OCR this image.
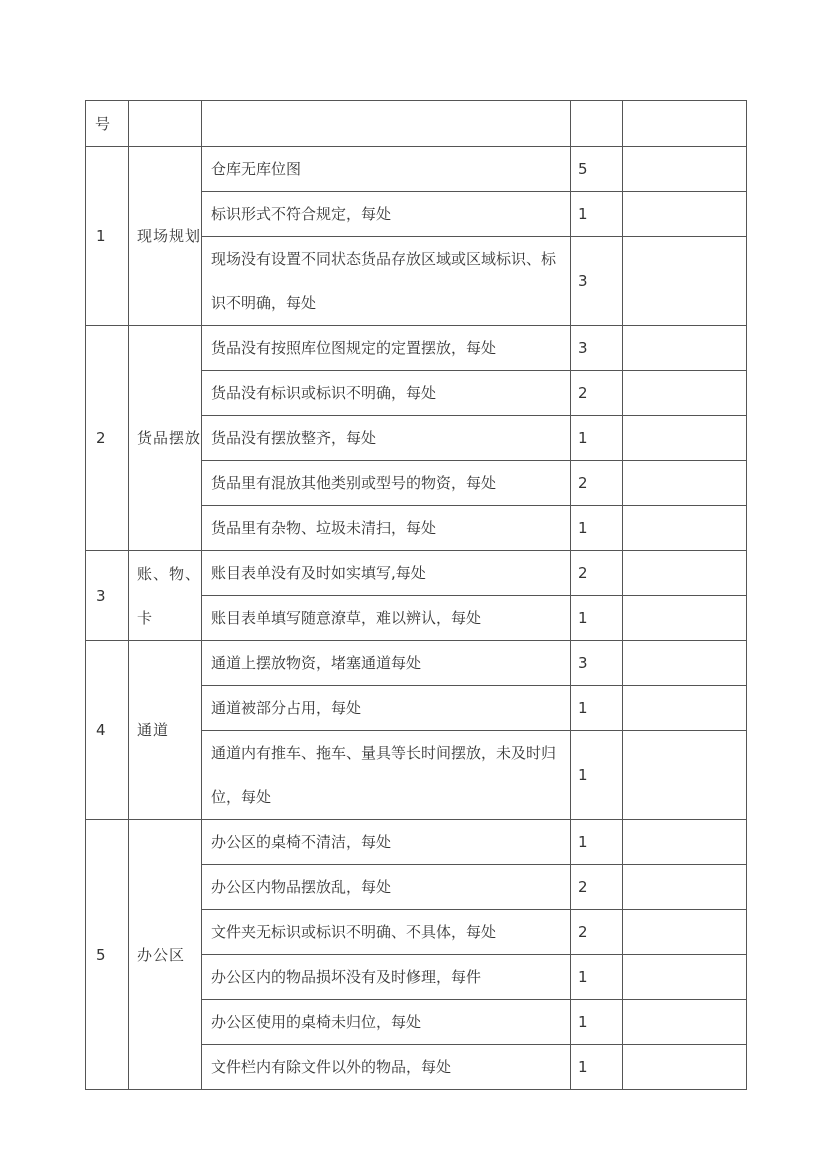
号				
1	现场规划	仓库无库位图	5	
		标识形式不符合规定，每处	1	
		现场没有设置不同状态货品存放区域或区域标识、标识不明确，每处	3	
2	货品摆放	货品没有按照库位图规定的定置摆放，每处	3	
		货品没有标识或标识不明确，每处	2	
		货品没有摆放整齐，每处	1	
		货品里有混放其他类别或型号的物资，每处	2	
		货品里有杂物、垃圾未清扫，每处	1	
3	账、物、卡	账目表单没有及时如实填写,每处	2	
		账目表单填写随意潦草，难以辨认，每处	1	
4	通道	通道上摆放物资，堵塞通道每处	3	
		通道被部分占用，每处	1	
		通道内有推车、拖车、量具等长时间摆放，未及时归位，每处	1	
5	办公区	办公区的桌椅不清洁，每处	1	
		办公区内物品摆放乱，每处	2	
		文件夹无标识或标识不明确、不具体，每处	2	
		办公区内的物品损坏没有及时修理，每件	1	
		办公区使用的桌椅未归位，每处	1	
		文件栏内有除文件以外的物品，每处	1	
